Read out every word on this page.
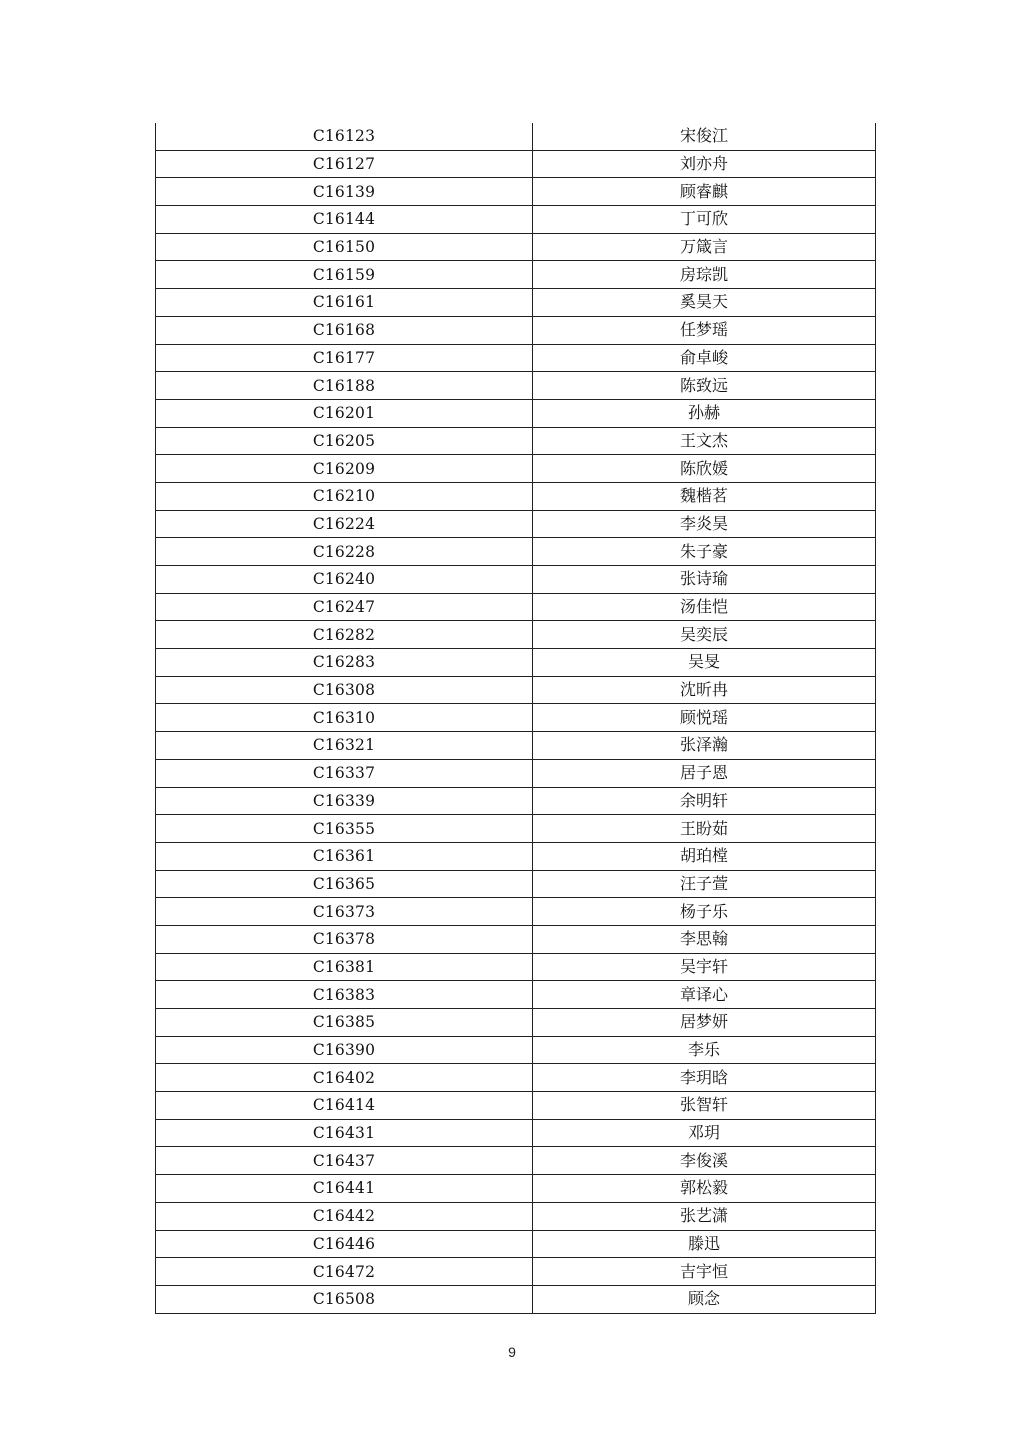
C16123	宋俊江
C16127	刘亦舟
C16139	顾睿麒
C16144	丁可欣
C16150	万箴言
C16159	房琮凯
C16161	奚昊天
C16168	任梦瑶
C16177	俞卓峻
C16188	陈致远
C16201	孙赫
C16205	王文杰
C16209	陈欣媛
C16210	魏楷茗
C16224	李炎昊
C16228	朱子豪
C16240	张诗瑜
C16247	汤佳恺
C16282	吴奕辰
C16283	吴旻
C16308	沈昕冉
C16310	顾悦瑶
C16321	张泽瀚
C16337	居子恩
C16339	余明轩
C16355	王盼茹
C16361	胡珀樘
C16365	汪子萱
C16373	杨子乐
C16378	李思翰
C16381	吴宇轩
C16383	章译心
C16385	居梦妍
C16390	李乐
C16402	李玥晗
C16414	张智轩
C16431	邓玥
C16437	李俊溪
C16441	郭松毅
C16442	张艺潇
C16446	滕迅
C16472	吉宇恒
C16508	顾念
9
